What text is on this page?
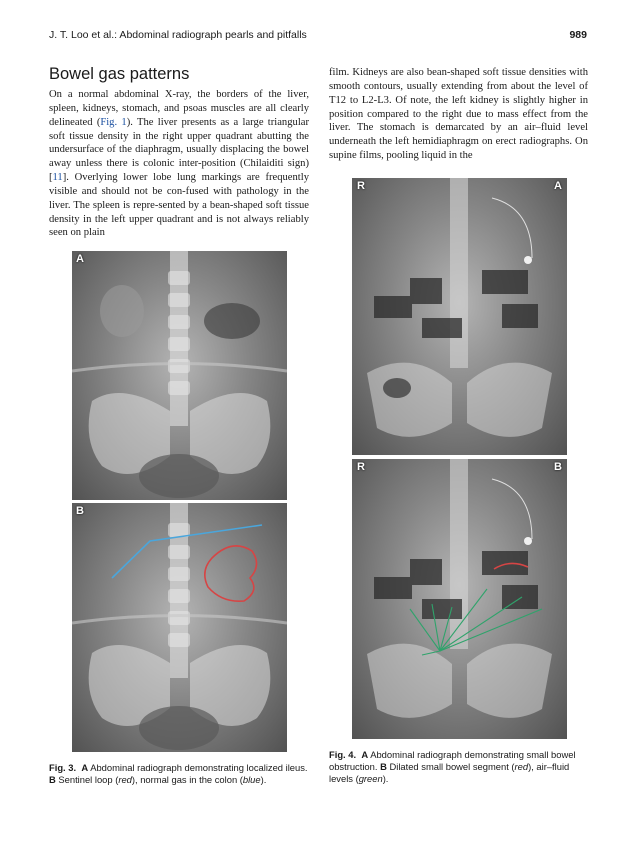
J. T. Loo et al.: Abdominal radiograph pearls and pitfalls	989
Bowel gas patterns

On a normal abdominal X-ray, the borders of the liver, spleen, kidneys, stomach, and psoas muscles are all clearly delineated (Fig. 1). The liver presents as a large triangular soft tissue density in the right upper quadrant abutting the undersurface of the diaphragm, usually displacing the bowel away unless there is colonic inter-position (Chilaiditi sign) [11]. Overlying lower lobe lung markings are frequently visible and should not be con-fused with pathology in the liver. The spleen is repre-sented by a bean-shaped soft tissue density in the left upper quadrant and is not always reliably seen on plain

film. Kidneys are also bean-shaped soft tissue densities with smooth contours, usually extending from about the level of T12 to L2-L3. Of note, the left kidney is slightly higher in position compared to the right due to mass effect from the liver. The stomach is demarcated by an air–fluid level underneath the left hemidiaphragm on erect radiographs. On supine films, pooling liquid in the

A
B
R	A
R	B
Fig. 3. A Abdominal radiograph demonstrating localized ileus. B Sentinel loop (red), normal gas in the colon (blue).
Fig. 4. A Abdominal radiograph demonstrating small bowel obstruction. B Dilated small bowel segment (red), air–fluid levels (green).
